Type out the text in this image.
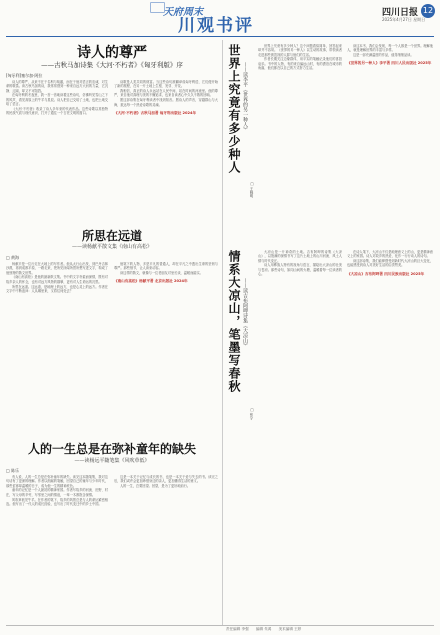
天府周末
川观书评
四川日报 12
2025年4月27日 星期日
诗人的尊严
——古秋马加诗集《大河·不朽者》《匈牙利版》序
[匈牙利]塞尔加·阿拉

诗人的尊严，从来不在于名利与喧嚣，而在于他对语言的忠诚，对生命的敬畏。读古秋马加的诗，我常常感到一种来自远方大河的力量，它沉静、辽阔，却又不可阻挡。

在匈牙利的冬夜里，我一首一首地读着这些诗句，仿佛听见雪山之下的风声，看见高原上的牛羊与星辰。诗人把自己交给了土地，也把土地交给了语言。

《大河·不朽者》收录了诗人多年来的代表作品。这些诗歌以其独特的民族气质与现代意识，打开了通往一个古老文明的窗口。

诗歌是人类共同的财富。当这些诗句被翻译成匈牙利语，它们便开始了新的旅程，在另一片土地上生根、发芽、开花。

我相信，真正的诗人永远站在人民中间，站在时间的河流里。他的尊严，来自他对真理与美的不懈追求，也来自读者心中久久不散的回响。

愿这部诗集在匈牙利读者中找到知音。愿诗人的声音，穿越群山与大海，抵达每一个热爱诗歌的灵魂。

《大河·不朽者》古秋马加著 匈牙利出版社 2024年
所思在远道
——读杨献平散文集《南山有高松》
□ 黄海

杨献平是一位行走在大地上的写作者。他从太行山出发，到巴丹吉林沙漠，再到成都平原，一路走来，把所见所闻所思所想写进文字，构成了他独特的散文世界。

《南山有高松》是他的最新散文集。书中的文字朴素而深情，既有对故乡亲人的怀念，也有对远方风物的描摹，更有对人生命运的沉思。

所思在远道。这远道，是地理上的远方，也是心灵上的远方。作者在文字中不断追问：人从哪里来，又将往何处去？

他笔下的人物，多是平凡的普通人，却在平凡之中透出生命的坚韧与尊严。那些细节，让人读来动容。

读这样的散文，就像与一位老朋友对坐长谈，温暖而踏实。

《南山有高松》杨献平著 北京出版社 2024年
人的一生总是在弥补童年的缺失
——读杨远平随笔集《风吹草低》
□ 陈乐

有人说，人的一生总是在弥补童年的缺失。读完这本随笔集，我对这句话有了更深的理解。作者以细腻的笔触，回望自己的童年与少年时代，那些贫寒却温暖的日子，成为他一生的精神底色。

童年的记忆是一个人最初的精神家园。作者写故乡的河流、田野、村庄，写父母的辛劳，写邻里之间的情谊，一草一木都饱含深情。

风吹草低见牛羊。在作者的笔下，故乡的风景总是与人的命运紧密相连。他写出了一代人的成长经验，也写出了时代变迁中的乡土中国。

这是一本关于记忆与成长的书，也是一本关于爱与失去的书。读完之后，我们或许会更加珍惜身边的亲人，更加懂得生活的意义。

人的一生，总要回望。回望，是为了更好地前行。

世界上究竟有多少种人 ——读李平《世界的另一种人》
□ 王晓明

世界上究竟有多少种人？这个问题看似简单，回答起来却并不容易。《世界的另一种人》以生动的故事，带领读者走进那些被忽视的人群与他们的生活。

作者长期关注边缘群体，用平实的笔触记录他们的喜怒哀乐。书中的人物，有的来自偏远山村，有的漂泊在城市的角落，他们都在以自己的方式努力生活。

读这本书，我们会发现，每一个人都是一个世界。理解他人，就是理解世界的丰富与多样。

这是一部充满温度的作品，值得细细品读。

《世界的另一种人》李平著 四川人民出版社 2025年
情系大凉山，笔墨写春秋 ——读吉布阿呷诗集《大凉山》
□ 张宁

大凉山是一片神奇的土地。吉布阿呷的诗集《大凉山》，以饱满的深情书写了这片土地上的山川河流、风土人情与时代变迁。

诗人用彝族人特有的视角与语言，描绘出大凉山的壮美与苍凉。那些诗句，如同山间的火塘，温暖着每一位读者的心。

在诗人笔下，大凉山不仅是地理意义上的山，更是精神意义上的家园。诗人对故乡的热爱，化作一行行动人的诗句。

读这部诗集，我们能够感受到新时代大凉山的巨大变化，也能感受到诗人对美好生活的由衷赞美。

《大凉山》吉布阿呷著 四川民族出版社 2025年
责任编辑 李强 编辑 朱鸿 美术编辑 王婷
